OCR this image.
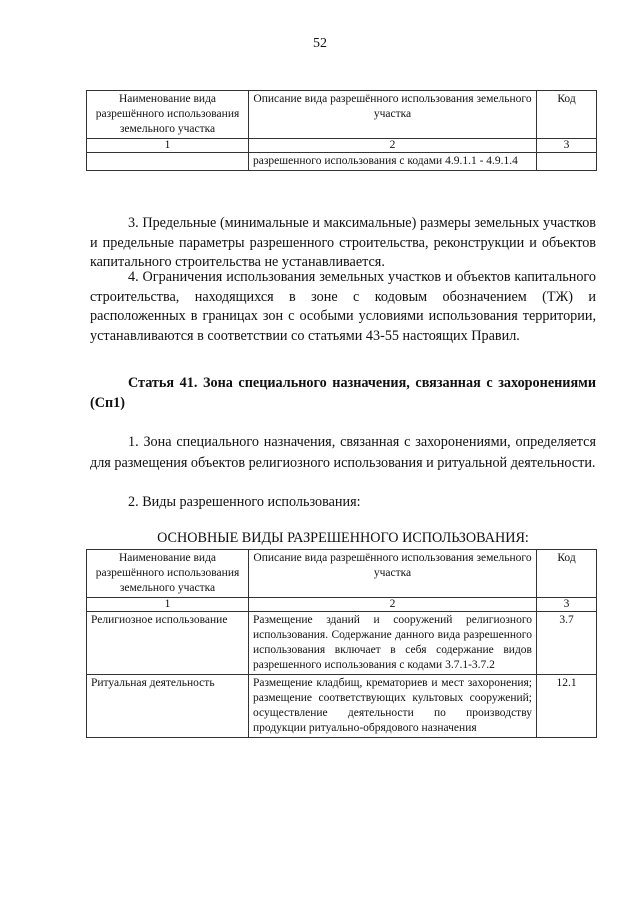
52
Наименование вида разрешённого использования земельного участка	Описание вида разрешённого использования земельного участка	Код
1	2	3
	разрешенного использования с кодами 4.9.1.1 - 4.9.1.4	

3. Предельные (минимальные и максимальные) размеры земельных участков и предельные параметры разрешенного строительства, реконструкции и объектов капитального строительства не устанавливается.

4. Ограничения использования земельных участков и объектов капитального строительства, находящихся в зоне с кодовым обозначением (ТЖ) и расположенных в границах зон с особыми условиями использования территории, устанавливаются в соответствии со статьями 43-55 настоящих Правил.

Статья 41. Зона специального назначения, связанная с захоронениями (Сп1)

1. Зона специального назначения, связанная с захоронениями, определяется для размещения объектов религиозного использования и ритуальной деятельности.

2. Виды разрешенного использования:

ОСНОВНЫЕ ВИДЫ РАЗРЕШЕННОГО ИСПОЛЬЗОВАНИЯ:
Наименование вида разрешённого использования земельного участка	Описание вида разрешённого использования земельного участка	Код
1	2	3
Религиозное использование	Размещение зданий и сооружений религиозного использования. Содержание данного вида разрешенного использования включает в себя содержание видов разрешенного использования с кодами 3.7.1-3.7.2	3.7
Ритуальная деятельность	Размещение кладбищ, крематориев и мест захоронения;
размещение соответствующих культовых сооружений;
осуществление деятельности по производству продукции ритуально-обрядового назначения	12.1
